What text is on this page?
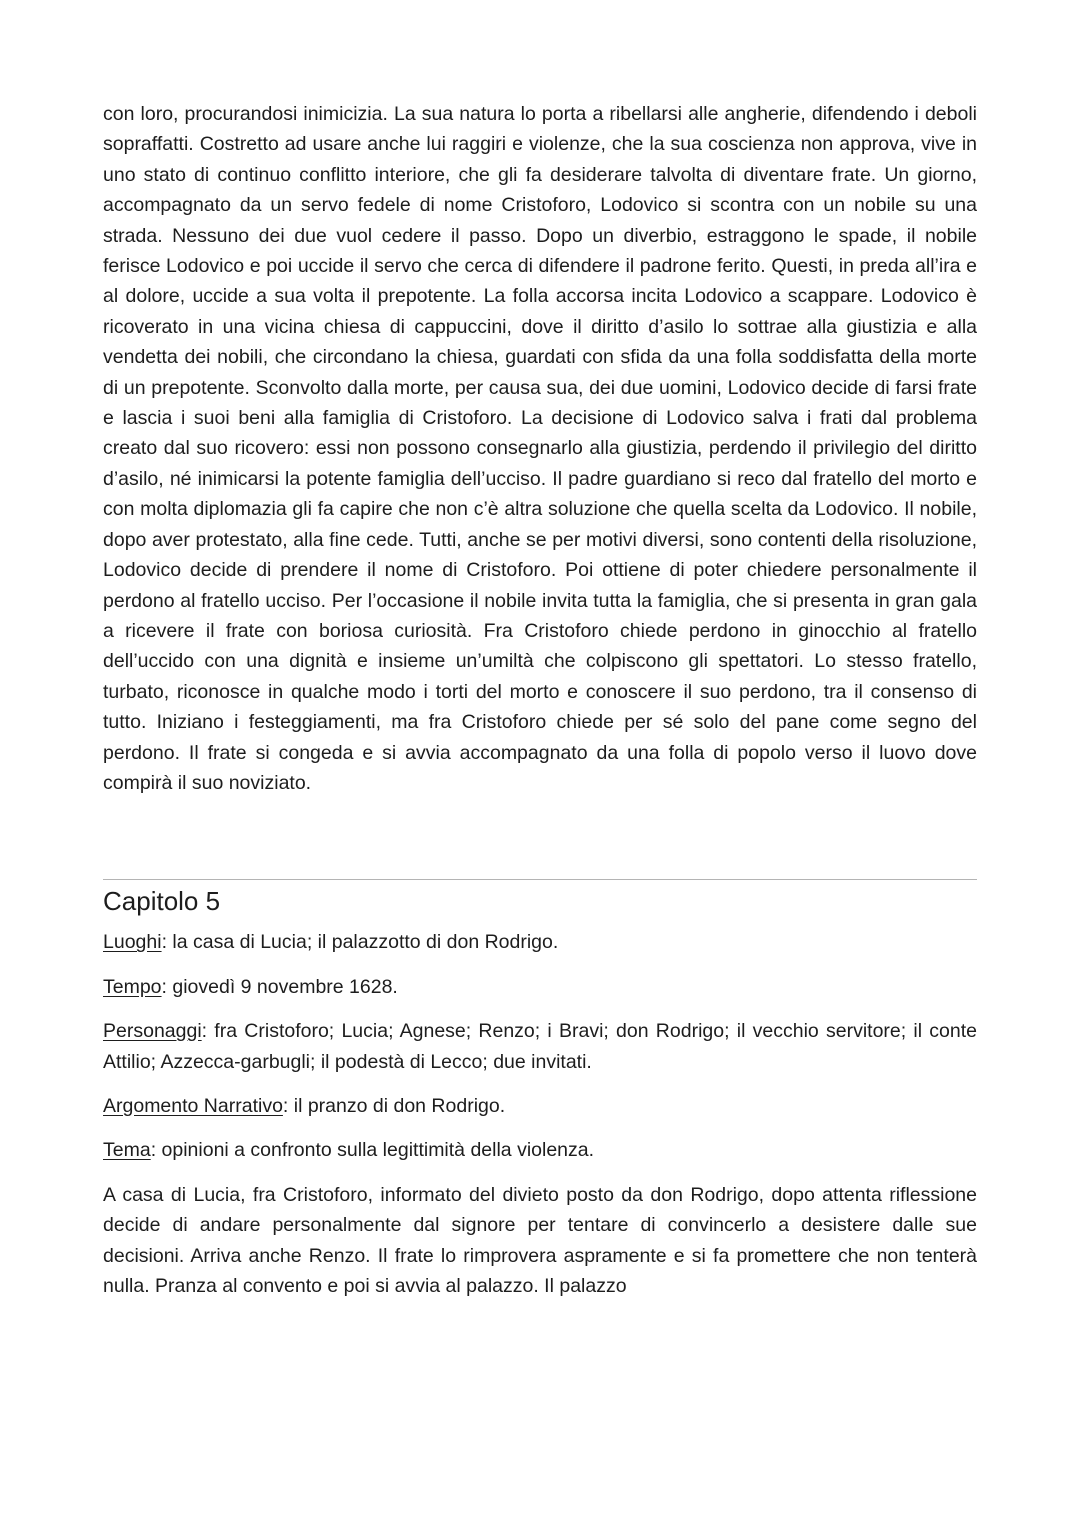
con loro, procurandosi inimicizia. La sua natura lo porta a ribellarsi alle angherie, difendendo i deboli sopraffatti. Costretto ad usare anche lui raggiri e violenze, che la sua coscienza non approva, vive in uno stato di continuo conflitto interiore, che gli fa desiderare talvolta di diventare frate. Un giorno, accompagnato da un servo fedele di nome Cristoforo, Lodovico si scontra con un nobile su una strada. Nessuno dei due vuol cedere il passo. Dopo un diverbio, estraggono le spade, il nobile ferisce Lodovico e poi uccide il servo che cerca di difendere il padrone ferito. Questi, in preda all’ira e al dolore, uccide a sua volta il prepotente. La folla accorsa incita Lodovico a scappare. Lodovico è ricoverato in una vicina chiesa di cappuccini, dove il diritto d’asilo lo sottrae alla giustizia e alla vendetta dei nobili, che circondano la chiesa, guardati con sfida da una folla soddisfatta della morte di un prepotente. Sconvolto dalla morte, per causa sua, dei due uomini, Lodovico decide di farsi frate e lascia i suoi beni alla famiglia di Cristoforo. La decisione di Lodovico salva i frati dal problema creato dal suo ricovero: essi non possono consegnarlo alla giustizia, perdendo il privilegio del diritto d’asilo, né inimicarsi la potente famiglia dell’ucciso. Il padre guardiano si reco dal fratello del morto e con molta diplomazia gli fa capire che non c’è altra soluzione che quella scelta da Lodovico. Il nobile, dopo aver protestato, alla fine cede. Tutti, anche se per motivi diversi, sono contenti della risoluzione, Lodovico decide di prendere il nome di Cristoforo. Poi ottiene di poter chiedere personalmente il perdono al fratello ucciso. Per l’occasione il nobile invita tutta la famiglia, che si presenta in gran gala a ricevere il frate con boriosa curiosità. Fra Cristoforo chiede perdono in ginocchio al fratello dell’uccido con una dignità e insieme un’umiltà che colpiscono gli spettatori. Lo stesso fratello, turbato, riconosce in qualche modo i torti del morto e conoscere il suo perdono, tra il consenso di tutto. Iniziano i festeggiamenti, ma fra Cristoforo chiede per sé solo del pane come segno del perdono. Il frate si congeda e si avvia accompagnato da una folla di popolo verso il luovo dove compirà il suo noviziato.

Capitolo 5

Luoghi: la casa di Lucia; il palazzotto di don Rodrigo.

Tempo: giovedì 9 novembre 1628.

Personaggi: fra Cristoforo; Lucia; Agnese; Renzo; i Bravi; don Rodrigo; il vecchio servitore; il conte Attilio; Azzecca-garbugli; il podestà di Lecco; due invitati.

Argomento Narrativo: il pranzo di don Rodrigo.

Tema: opinioni a confronto sulla legittimità della violenza.

A casa di Lucia, fra Cristoforo, informato del divieto posto da don Rodrigo, dopo attenta riflessione decide di andare personalmente dal signore per tentare di convincerlo a desistere dalle sue decisioni. Arriva anche Renzo. Il frate lo rimprovera aspramente e si fa promettere che non tenterà nulla. Pranza al convento e poi si avvia al palazzo. Il palazzo
